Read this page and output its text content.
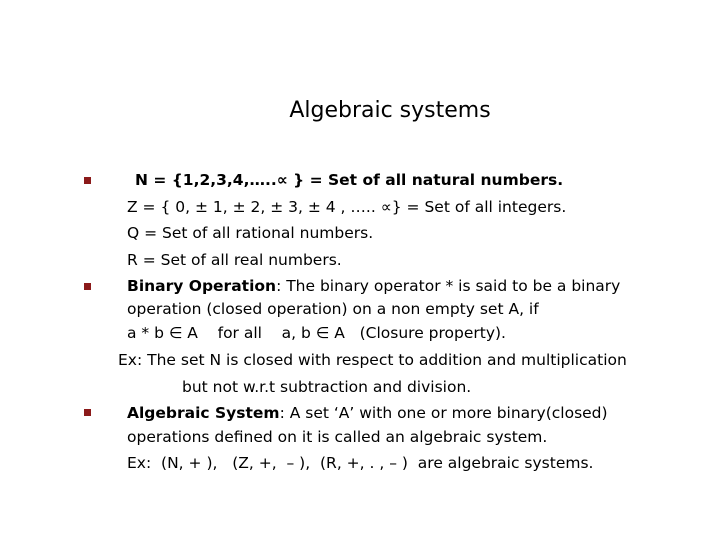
Algebraic systems
N = {1,2,3,4,…..∝ } = Set of all natural numbers.
Z = { 0, ± 1, ± 2, ± 3, ± 4 , ….. ∝} = Set of all integers.
Q = Set of all rational numbers.
R = Set of all real numbers.
Binary Operation: The binary operator * is said to be a binary
operation (closed operation) on a non empty set A, if
a * b ∈ A    for all    a, b ∈ A   (Closure property).
Ex: The set N is closed with respect to addition and multiplication
but not w.r.t subtraction and division.
Algebraic System: A set ‘A’ with one or more binary(closed)
operations defined on it is called an algebraic system.
Ex:  (N, + ),   (Z, +,  – ),  (R, +, . , – )  are algebraic systems.
